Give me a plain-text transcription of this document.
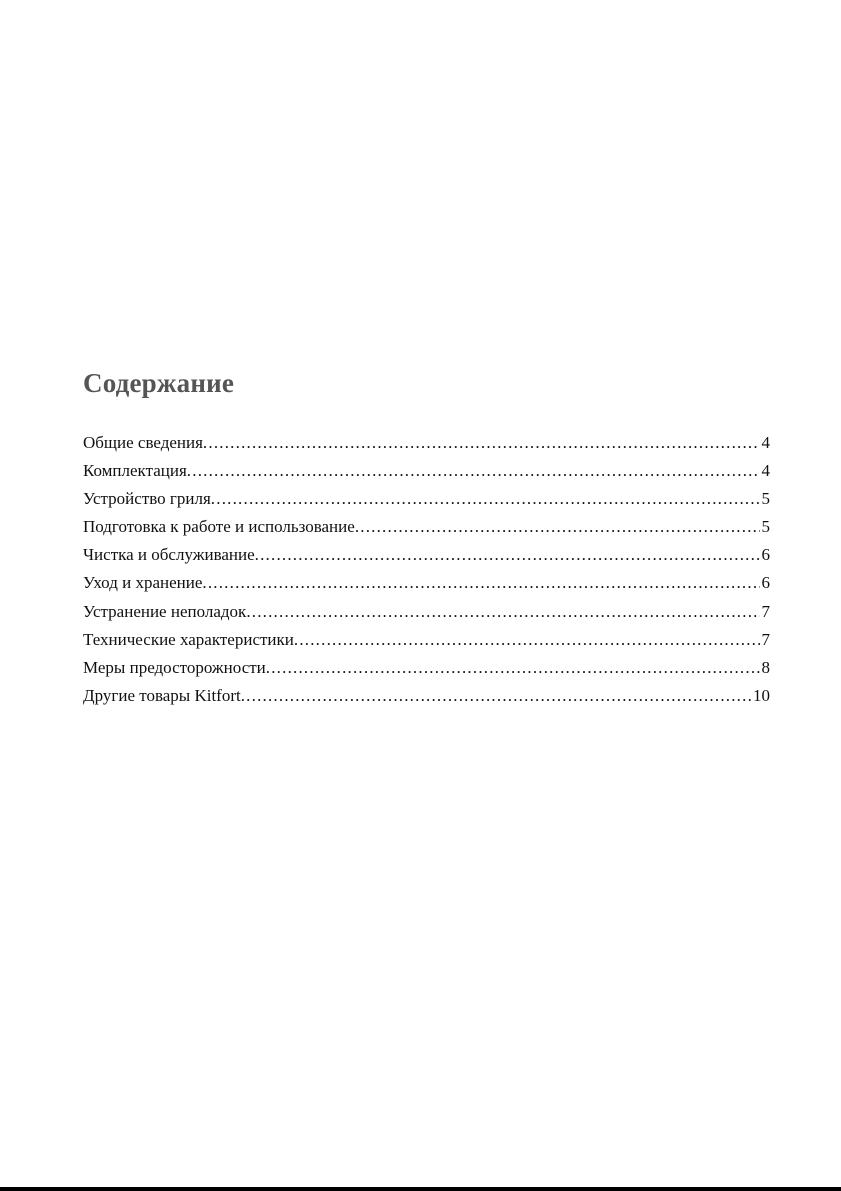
Содержание
Общие сведения .....	4
Комплектация .....	4
Устройство гриля .....	5
Подготовка к работе и использование .....	5
Чистка и обслуживание .....	6
Уход и хранение .....	6
Устранение неполадок .....	7
Технические характеристики .....	7
Меры предосторожности .....	8
Другие товары Kitfort .....	10
